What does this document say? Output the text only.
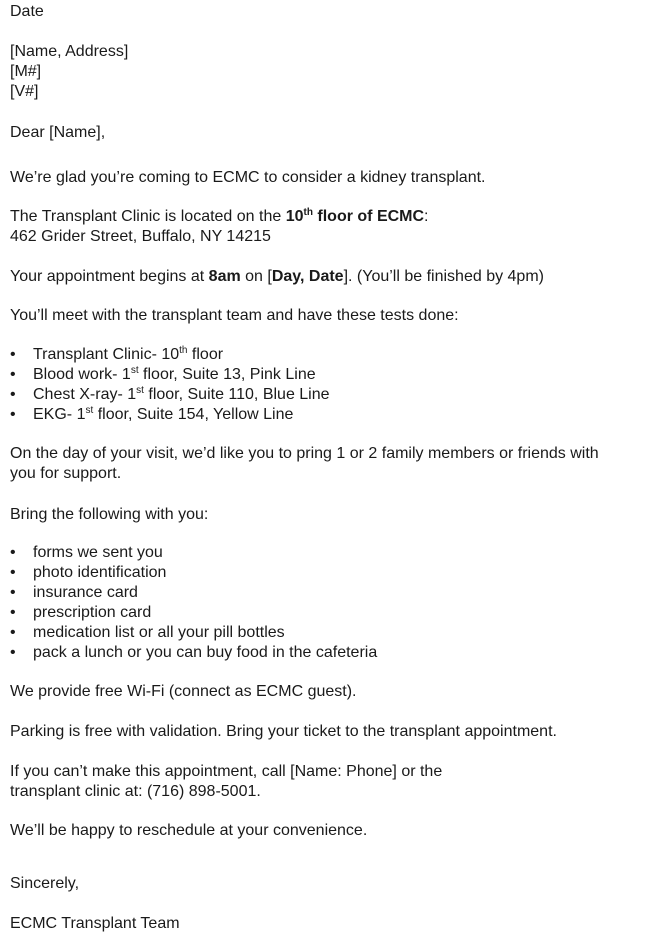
Date
[Name, Address]
[M#]
[V#]
Dear [Name],
We’re glad you’re coming to ECMC to consider a kidney transplant.
The Transplant Clinic is located on the 10th floor of ECMC:
462 Grider Street, Buffalo, NY 14215
Your appointment begins at 8am on [Day, Date]. (You’ll be finished by 4pm)
You’ll meet with the transplant team and have these tests done:
• Transplant Clinic- 10th floor
• Blood work- 1st floor, Suite 13, Pink Line
• Chest X-ray- 1st floor, Suite 110, Blue Line
• EKG- 1st floor, Suite 154, Yellow Line
On the day of your visit, we’d like you to pring 1 or 2 family members or friends with
you for support.
Bring the following with you:
• forms we sent you
• photo identification
• insurance card
• prescription card
• medication list or all your pill bottles
• pack a lunch or you can buy food in the cafeteria
We provide free Wi-Fi (connect as ECMC guest).
Parking is free with validation. Bring your ticket to the transplant appointment.
If you can’t make this appointment, call [Name: Phone] or the
transplant clinic at: (716) 898-5001.
We’ll be happy to reschedule at your convenience.
Sincerely,
ECMC Transplant Team
